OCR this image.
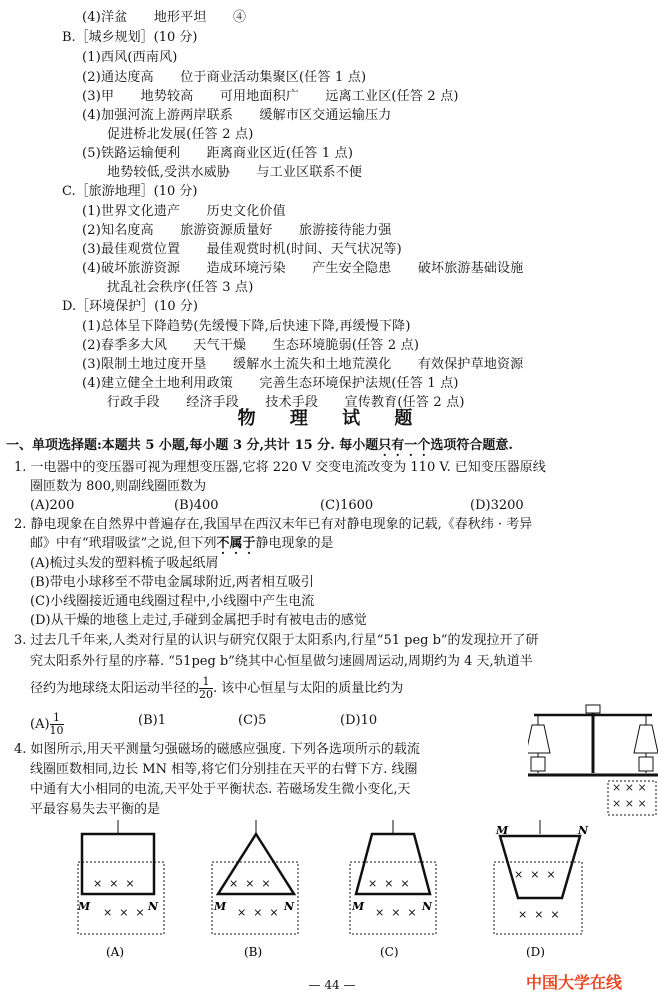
(4)洋盆　　地形平坦　　④
B.［城乡规划］(10 分)
(1)西风(西南风)
(2)通达度高　　位于商业活动集聚区(任答 1 点)
(3)甲　　地势较高　　可用地面积广　　远离工业区(任答 2 点)
(4)加强河流上游两岸联系　　缓解市区交通运输压力
促进桥北发展(任答 2 点)
(5)铁路运输便利　　距离商业区近(任答 1 点)
地势较低,受洪水威胁　　与工业区联系不便
C.［旅游地理］(10 分)
(1)世界文化遗产　　历史文化价值
(2)知名度高　　旅游资源质量好　　旅游接待能力强
(3)最佳观赏位置　　最佳观赏时机(时间、天气状况等)
(4)破坏旅游资源　　造成环境污染　　产生安全隐患　　破坏旅游基础设施
扰乱社会秩序(任答 3 点)
D.［环境保护］(10 分)
(1)总体呈下降趋势(先缓慢下降,后快速下降,再缓慢下降)
(2)春季多大风　　天气干燥　　生态环境脆弱(任答 2 点)
(3)限制土地过度开垦　　缓解水土流失和土地荒漠化　　有效保护草地资源
(4)建立健全土地利用政策　　完善生态环境保护法规(任答 1 点)
行政手段　　经济手段　　技术手段　　宣传教育(任答 2 点)
物 理 试 题
一、单项选择题:本题共 5 小题,每小题 3 分,共计 15 分. 每小题只有一个选项符合题意.
1. 一电器中的变压器可视为理想变压器,它将 220 V 交变电流改变为 110 V. 已知变压器原线
圈匝数为 800,则副线圈匝数为
(A)200	(B)400	(C)1600	(D)3200
2. 静电现象在自然界中普遍存在,我国早在西汉末年已有对静电现象的记载,《春秋纬 · 考异
邮》中有“玳瑁吸𧋊”之说,但下列不属于静电现象的是
(A)梳过头发的塑料梳子吸起纸屑
(B)带电小球移至不带电金属球附近,两者相互吸引
(C)小线圈接近通电线圈过程中,小线圈中产生电流
(D)从干燥的地毯上走过,手碰到金属把手时有被电击的感觉
3. 过去几千年来,人类对行星的认识与研究仅限于太阳系内,行星“51 peg b”的发现拉开了研
究太阳系外行星的序幕. “51peg b”绕其中心恒星做匀速圆周运动,周期约为 4 天,轨道半
径约为地球绕太阳运动半径的 $\frac{1}{20}$ . 该中心恒星与太阳的质量比约为
$(A) \frac{1}{10}$	(B)1	(C)5	(D)10
4. 如图所示,用天平测量匀强磁场的磁感应强度. 下列各选项所示的载流
线圈匝数相同,边长 MN 相等,将它们分别挂在天平的右臂下方. 线圈
中通有大小相同的电流,天平处于平衡状态. 若磁场发生微小变化,天
平最容易失去平衡的是
× × ×
× × ×
×  ×  ×
×  ×  ×
M	N
×  ×  ×
×  ×  ×
M	N
×  ×  ×
×  ×  ×
M	N
×  ×  ×
×  ×  ×
M	N
(A)	(B)	(C)	(D)
— 44 —	中国大学在线
